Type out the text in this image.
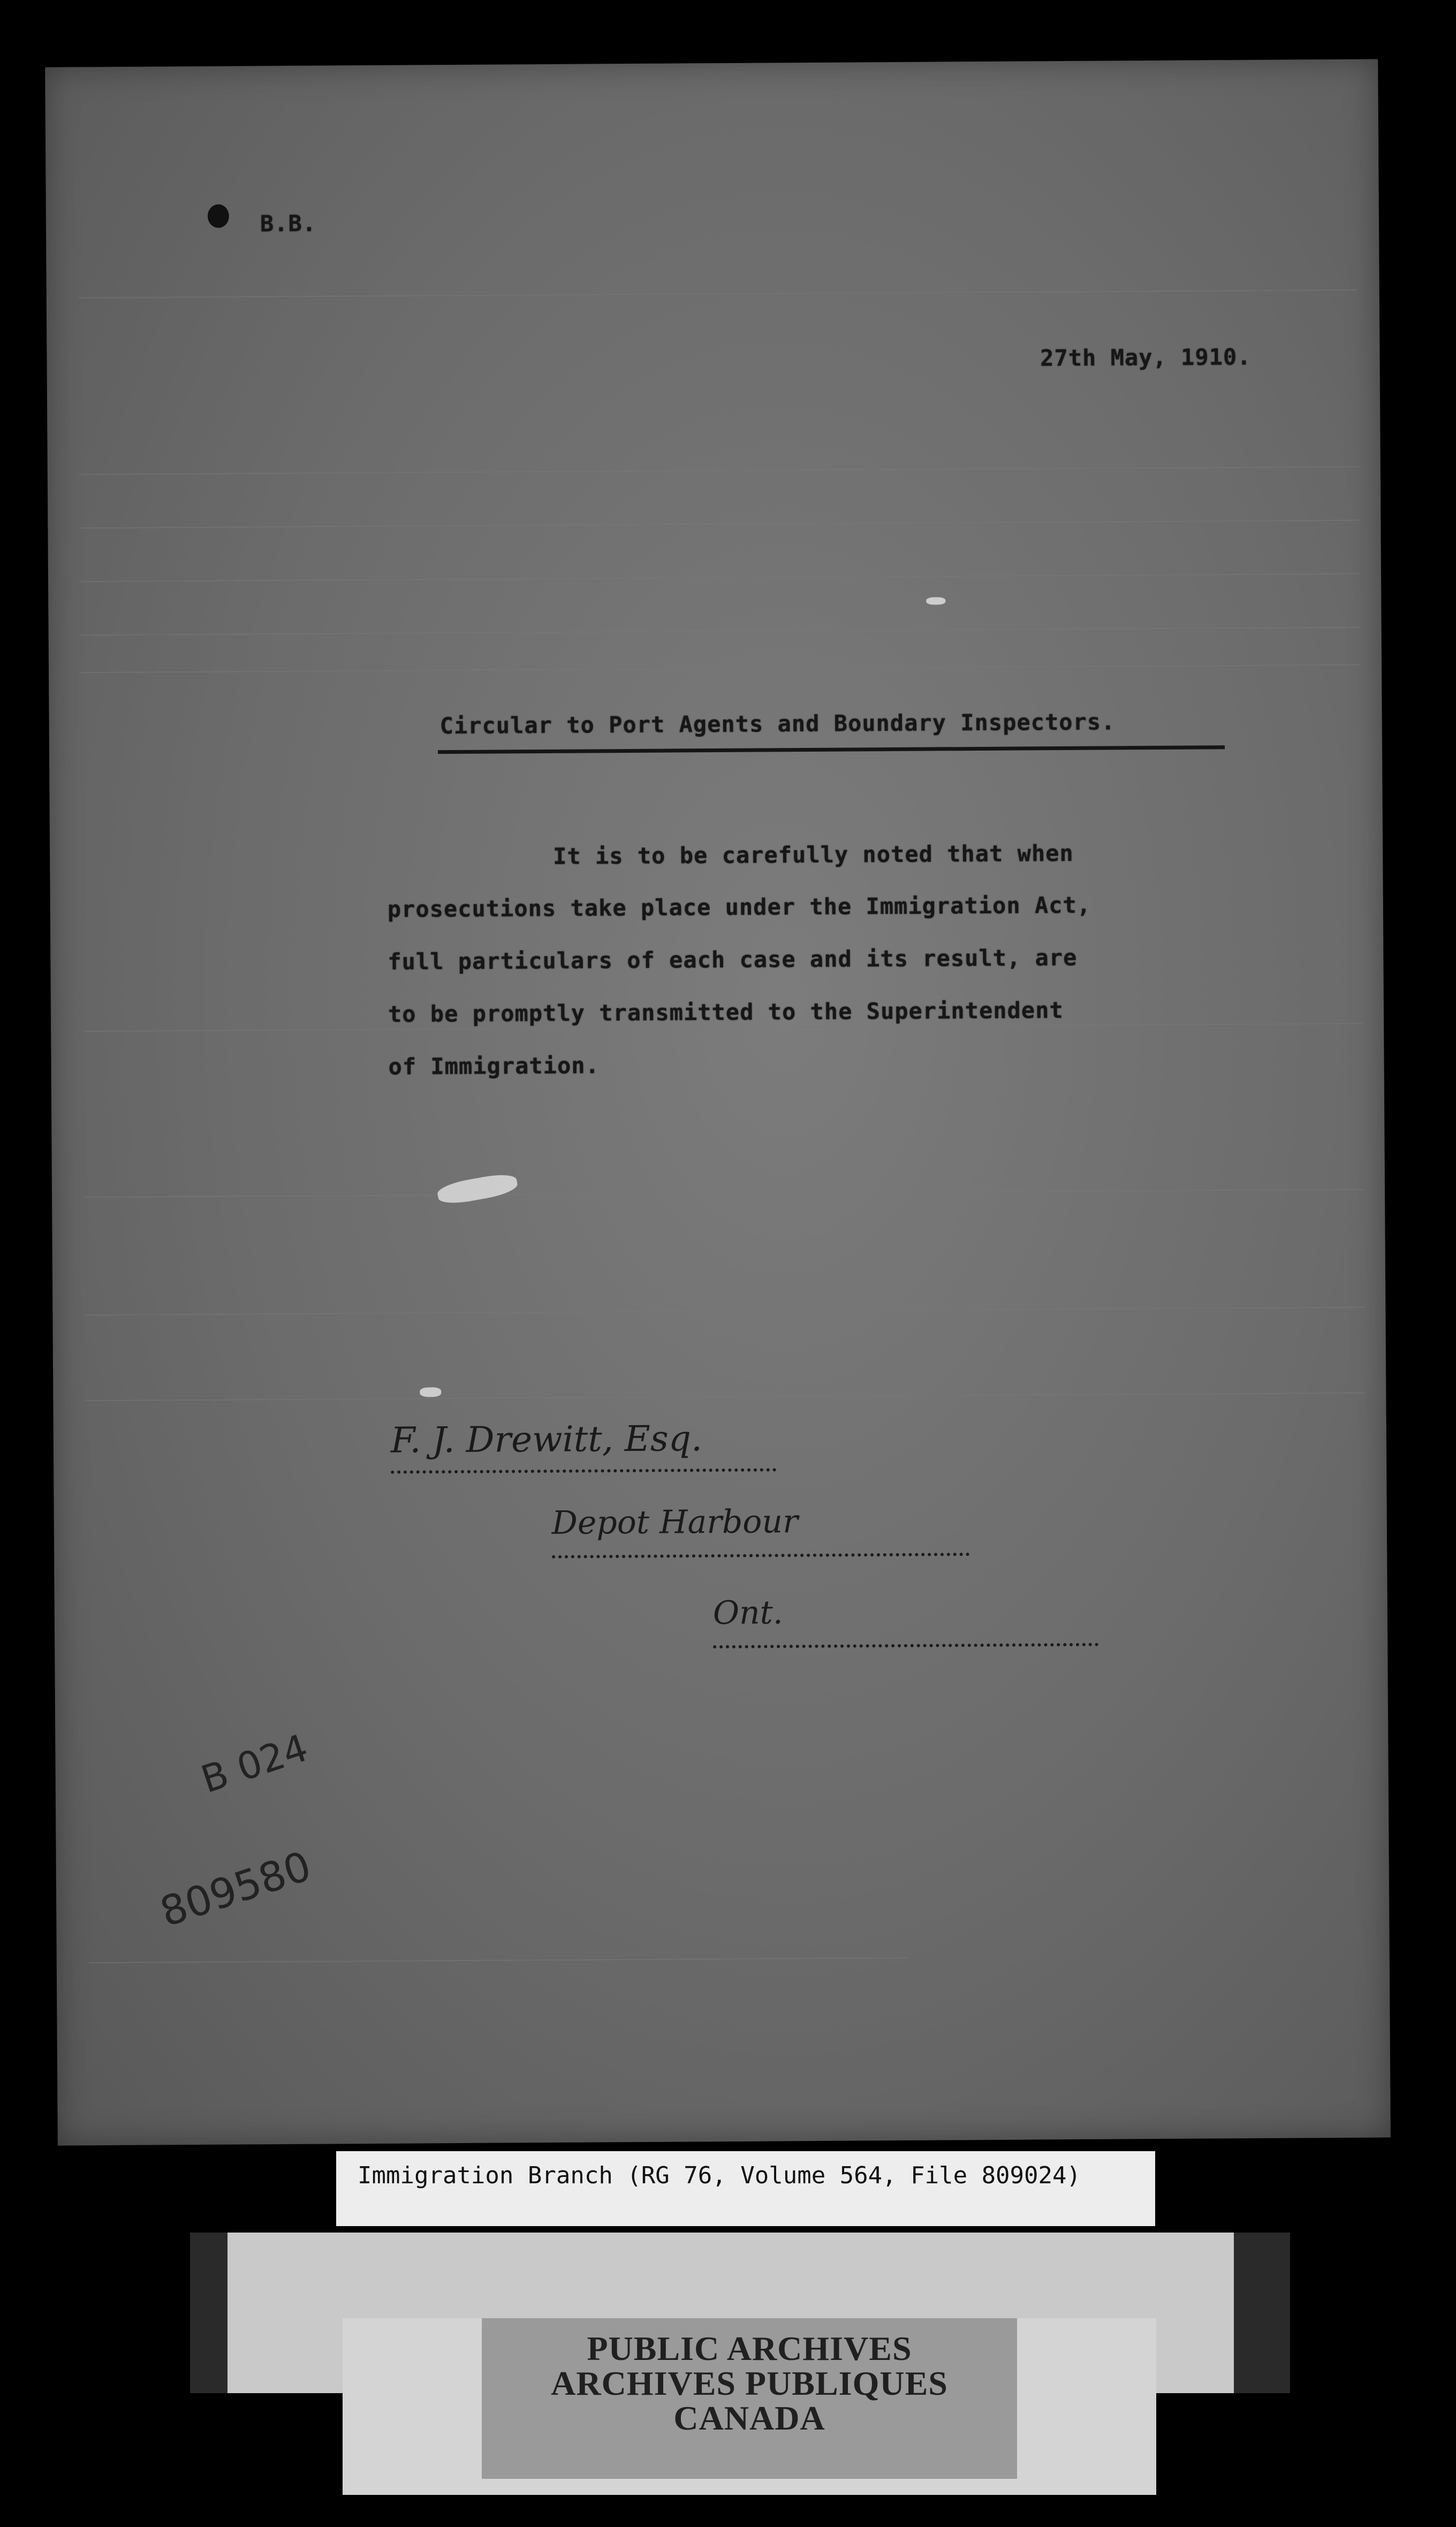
B.B.
27th May, 1910.
Circular to Port Agents and Boundary Inspectors.
It is to be carefully noted that when
prosecutions take place under the Immigration Act,
full particulars of each case and its result, are
to be promptly transmitted to the Superintendent
of Immigration.
F. J. Drewitt, Esq.
Depot Harbour
Ont.
B 024
809580
Immigration Branch (RG 76, Volume 564, File 809024)
PUBLIC ARCHIVES
ARCHIVES PUBLIQUES
CANADA
